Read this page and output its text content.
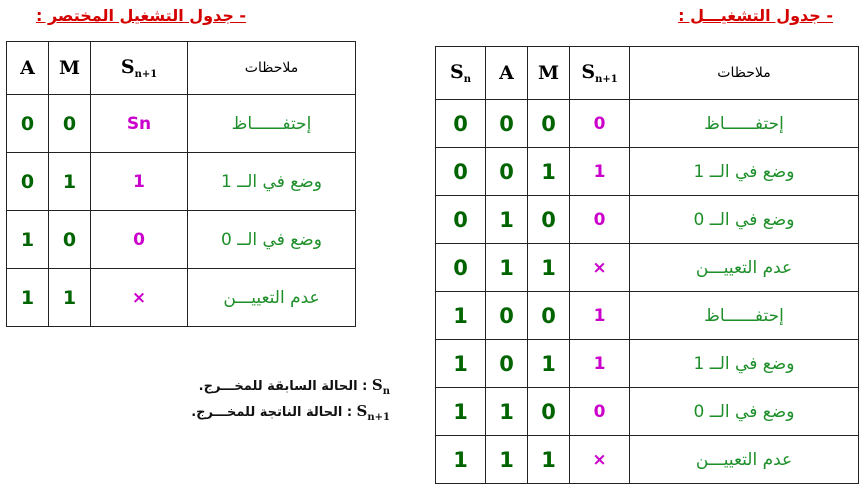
- جدول التشغيل المختصر :	- جدول التشغيـــل :
A	M	$S_{n+1}$	ملاحظات
0	0	Sn	إحتفــــــاظ
0	1	1	وضع في الــ 1
1	0	0	وضع في الــ 0
1	1	×	عدم التعييـــن
$S_n$	A	M	$S_{n+1}$	ملاحظات
0	0	0	0	إحتفــــــاظ
0	0	1	1	وضع في الــ 1
0	1	0	0	وضع في الــ 0
0	1	1	×	عدم التعييـــن
1	0	0	1	إحتفــــــاظ
1	0	1	1	وضع في الــ 1
1	1	0	0	وضع في الــ 0
1	1	1	×	عدم التعييـــن
$S_n$ : الحالة السابقة للمخـــرج.
$S_{n+1}$ : الحالة الناتجة للمخـــرج.
